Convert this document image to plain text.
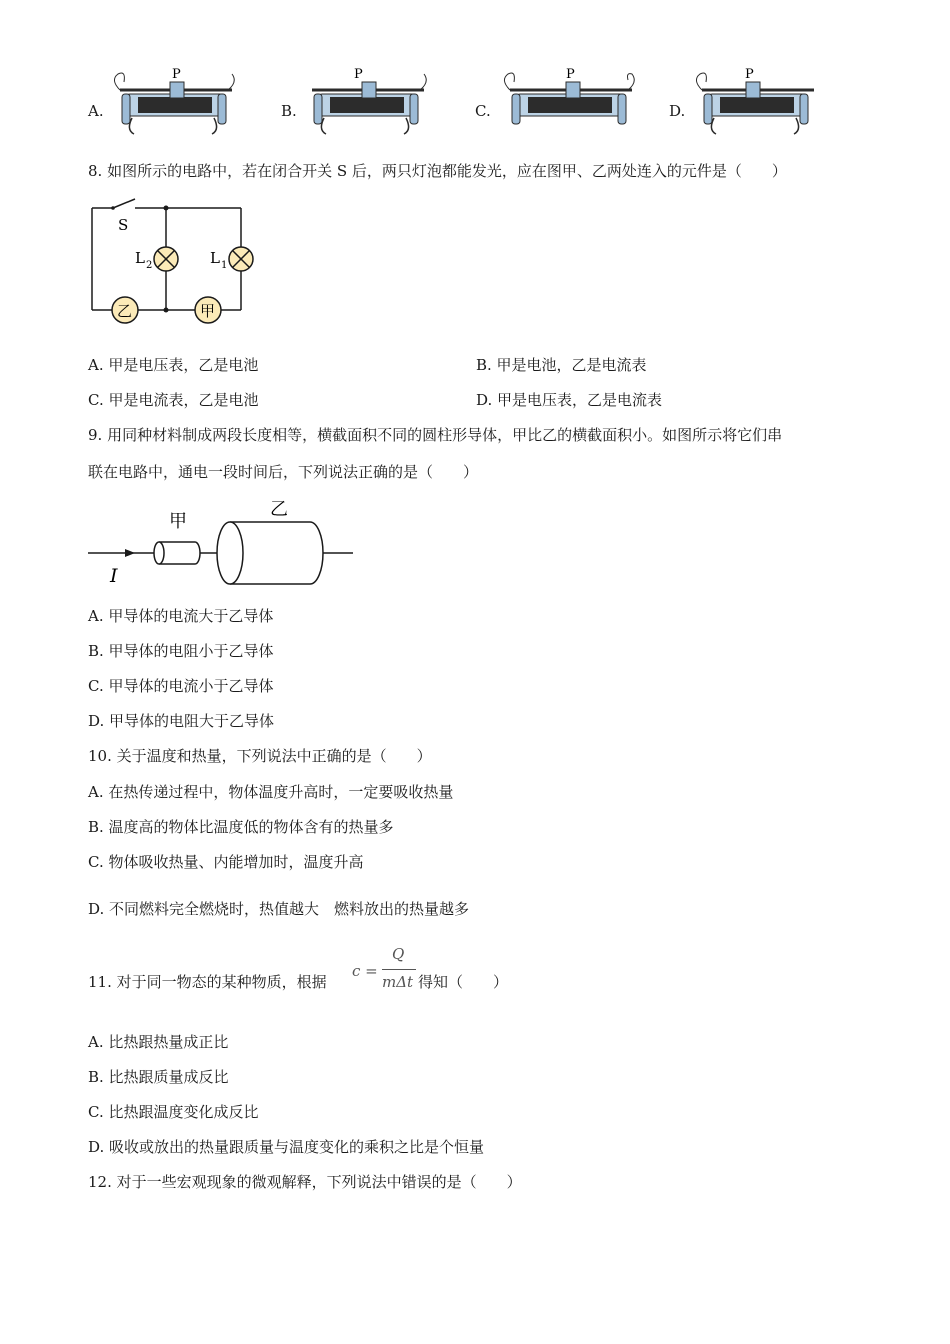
A.
P
B.
P
C.
P
D.
P
8. 如图所示的电路中，若在闭合开关 S 后，两只灯泡都能发光，应在图甲、乙两处连入的元件是（　　）
乙	甲
S
L 2	L 1
A. 甲是电压表，乙是电池	B. 甲是电池，乙是电流表
C. 甲是电流表，乙是电池	D. 甲是电压表，乙是电流表
9. 用同种材料制成两段长度相等，横截面积不同的圆柱形导体，甲比乙的横截面积小。如图所示将它们串
联在电路中，通电一段时间后，下列说法正确的是（　　）
甲
乙
I
A. 甲导体的电流大于乙导体
B. 甲导体的电阻小于乙导体
C. 甲导体的电流小于乙导体
D. 甲导体的电阻大于乙导体
10. 关于温度和热量，下列说法中正确的是（　　）
A. 在热传递过程中，物体温度升高时，一定要吸收热量
B. 温度高的物体比温度低的物体含有的热量多
C. 物体吸收热量、内能增加时，温度升高
D. 不同燃料完全燃烧时，热值越大　燃料放出的热量越多
11. 对于同一物态的某种物质，根据
c =
Q
mΔt 得知（　　）
A. 比热跟热量成正比
B. 比热跟质量成反比
C. 比热跟温度变化成反比
D. 吸收或放出的热量跟质量与温度变化的乘积之比是个恒量
12. 对于一些宏观现象的微观解释，下列说法中错误的是（　　）
